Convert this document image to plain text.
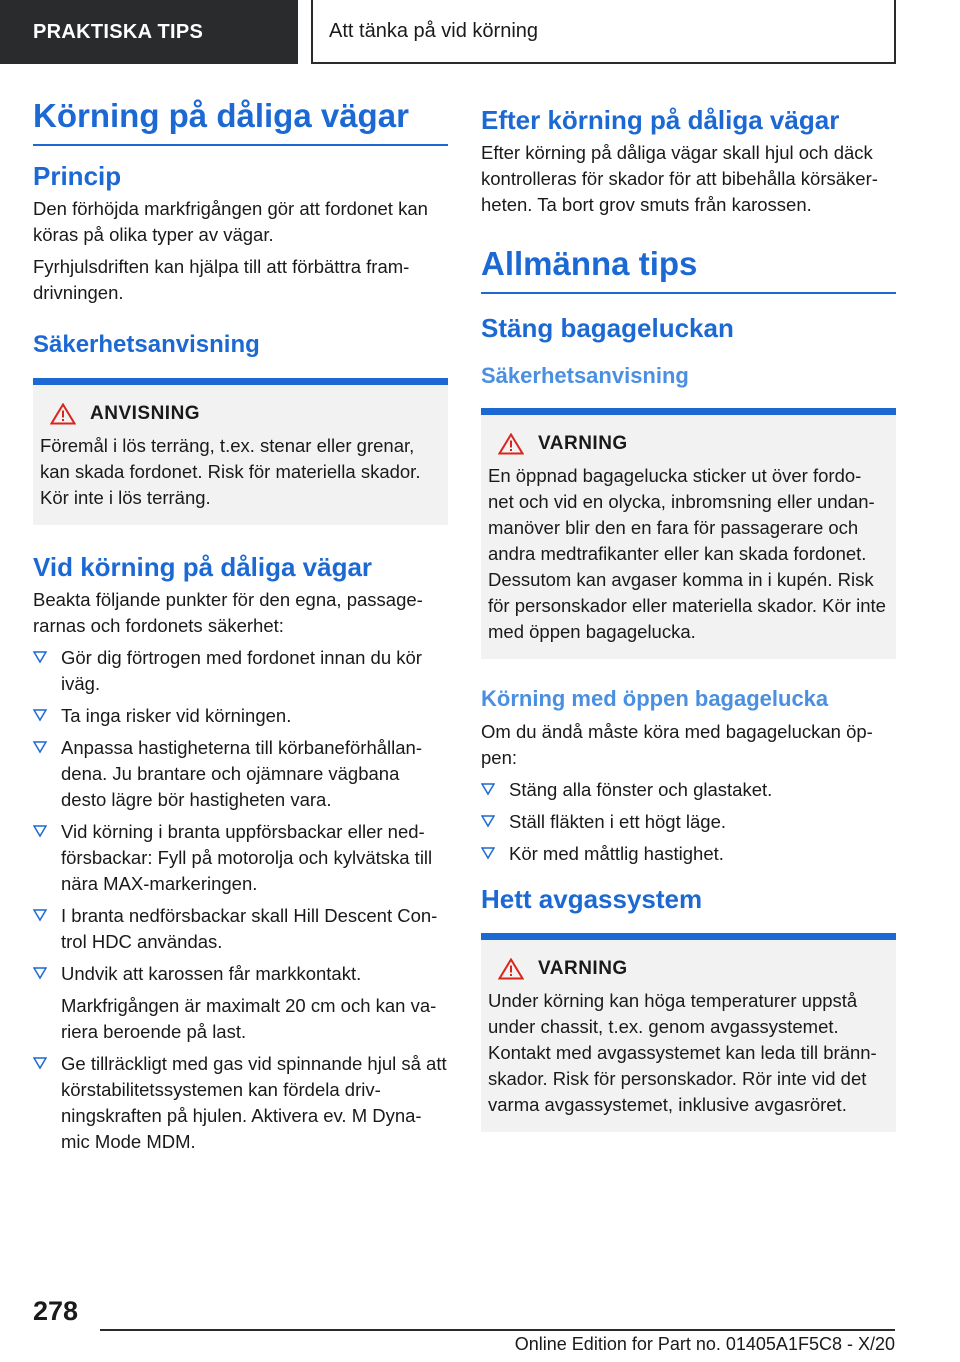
PRAKTISKA TIPS	Att tänka på vid körning
Körning på dåliga vägar
Princip

Den förhöjda markfrigången gör att fordonet kan köras på olika typer av vägar.

Fyrhjulsdriften kan hjälpa till att förbättra fram-drivningen.

Säkerhetsanvisning
ANVISNING

Föremål i lös terräng, t.ex. stenar eller grenar, kan skada fordonet. Risk för materiella skador. Kör inte i lös terräng.

Vid körning på dåliga vägar

Beakta följande punkter för den egna, passage-rarnas och fordonets säkerhet:

Gör dig förtrogen med fordonet innan du kör iväg.
Ta inga risker vid körningen.
Anpassa hastigheterna till körbaneförhållan-dena. Ju brantare och ojämnare vägbana desto lägre bör hastigheten vara.
Vid körning i branta uppförsbackar eller ned-försbackar: Fyll på motorolja och kylvätska till nära MAX-markeringen.
I branta nedförsbackar skall Hill Descent Con-trol HDC användas.
Undvik att karossen får markkontakt.

Markfrigången är maximalt 20 cm och kan va-riera beroende på last.

Ge tillräckligt med gas vid spinnande hjul så att körstabilitetssystemen kan fördela driv-ningskraften på hjulen. Aktivera ev. M Dyna-mic Mode MDM.
Efter körning på dåliga vägar

Efter körning på dåliga vägar skall hjul och däck kontrolleras för skador för att bibehålla körsäker-heten. Ta bort grov smuts från karossen.

Allmänna tips
Stäng bagageluckan
Säkerhetsanvisning
VARNING

En öppnad bagagelucka sticker ut över fordo-net och vid en olycka, inbromsning eller undan-manöver blir den en fara för passagerare och andra medtrafikanter eller kan skada fordonet. Dessutom kan avgaser komma in i kupén. Risk för personskador eller materiella skador. Kör inte med öppen bagagelucka.

Körning med öppen bagagelucka

Om du ändå måste köra med bagageluckan öp-pen:

Stäng alla fönster och glastaket.
Ställ fläkten i ett högt läge.
Kör med måttlig hastighet.
Hett avgassystem
VARNING

Under körning kan höga temperaturer uppstå under chassit, t.ex. genom avgassystemet. Kontakt med avgassystemet kan leda till bränn-skador. Risk för personskador. Rör inte vid det varma avgassystemet, inklusive avgasröret.

278
Online Edition for Part no. 01405A1F5C8 - X/20
